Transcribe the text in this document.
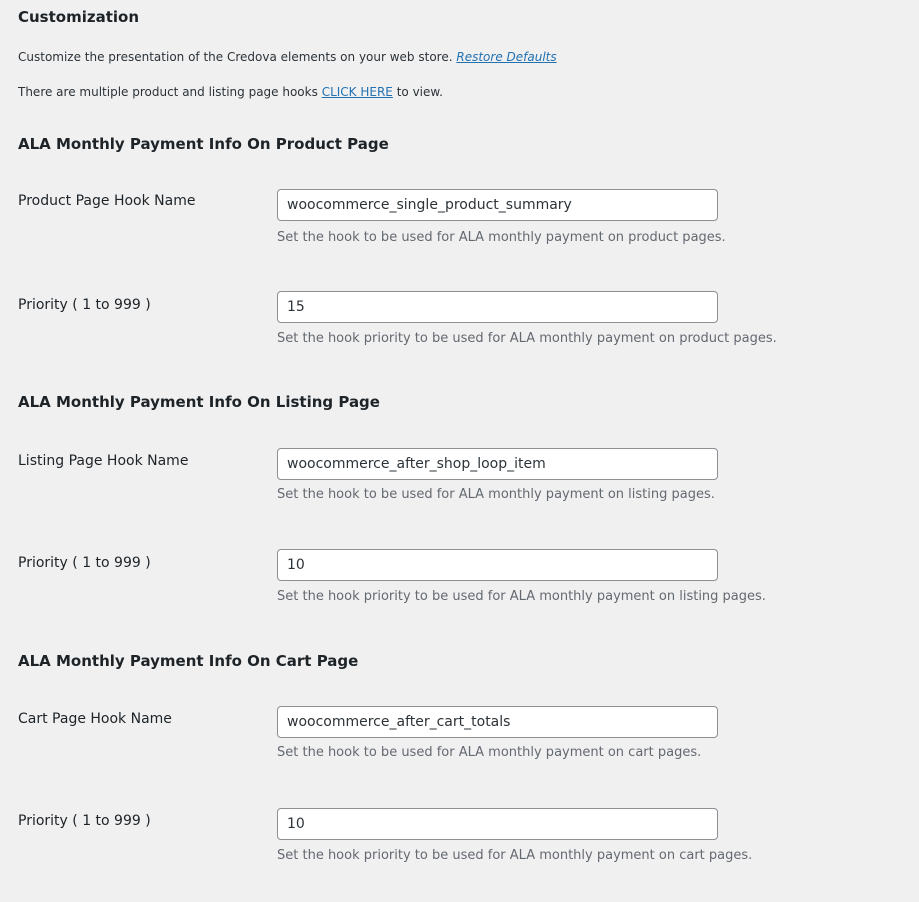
Customization
Customize the presentation of the Credova elements on your web store. Restore Defaults
There are multiple product and listing page hooks CLICK HERE to view.
ALA Monthly Payment Info On Product Page
Product Page Hook Name
woocommerce_single_product_summary
Set the hook to be used for ALA monthly payment on product pages.
Priority ( 1 to 999 )
15
Set the hook priority to be used for ALA monthly payment on product pages.
ALA Monthly Payment Info On Listing Page
Listing Page Hook Name
woocommerce_after_shop_loop_item
Set the hook to be used for ALA monthly payment on listing pages.
Priority ( 1 to 999 )
10
Set the hook priority to be used for ALA monthly payment on listing pages.
ALA Monthly Payment Info On Cart Page
Cart Page Hook Name
woocommerce_after_cart_totals
Set the hook to be used for ALA monthly payment on cart pages.
Priority ( 1 to 999 )
10
Set the hook priority to be used for ALA monthly payment on cart pages.
